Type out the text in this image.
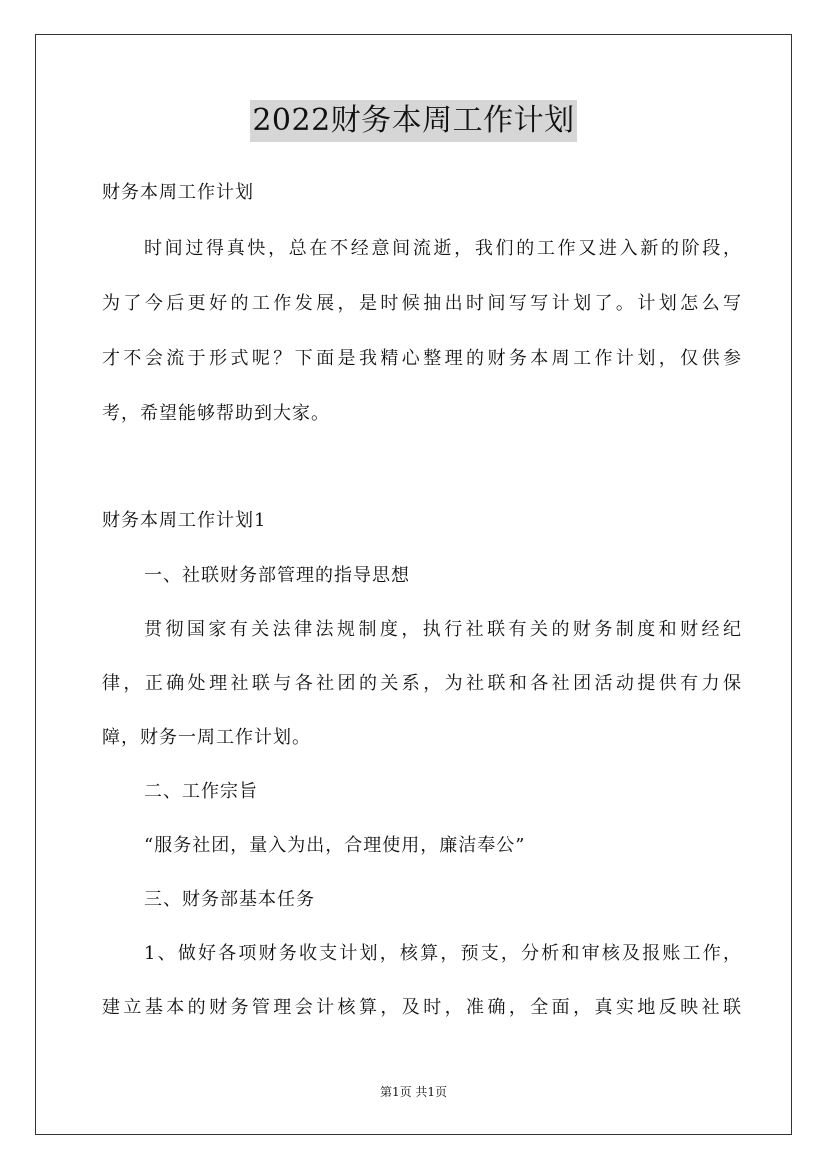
2022财务本周工作计划
财务本周工作计划
时间过得真快，总在不经意间流逝，我们的工作又进入新的阶段，
为了今后更好的工作发展，是时候抽出时间写写计划了。计划怎么写
才不会流于形式呢？下面是我精心整理的财务本周工作计划，仅供参
考，希望能够帮助到大家。
财务本周工作计划1
一、社联财务部管理的指导思想
贯彻国家有关法律法规制度，执行社联有关的财务制度和财经纪
律，正确处理社联与各社团的关系，为社联和各社团活动提供有力保
障，财务一周工作计划。
二、工作宗旨
“服务社团，量入为出，合理使用，廉洁奉公”
三、财务部基本任务
1、做好各项财务收支计划，核算，预支，分析和审核及报账工作，
建立基本的财务管理会计核算，及时，准确，全面，真实地反映社联
第1页 共1页
